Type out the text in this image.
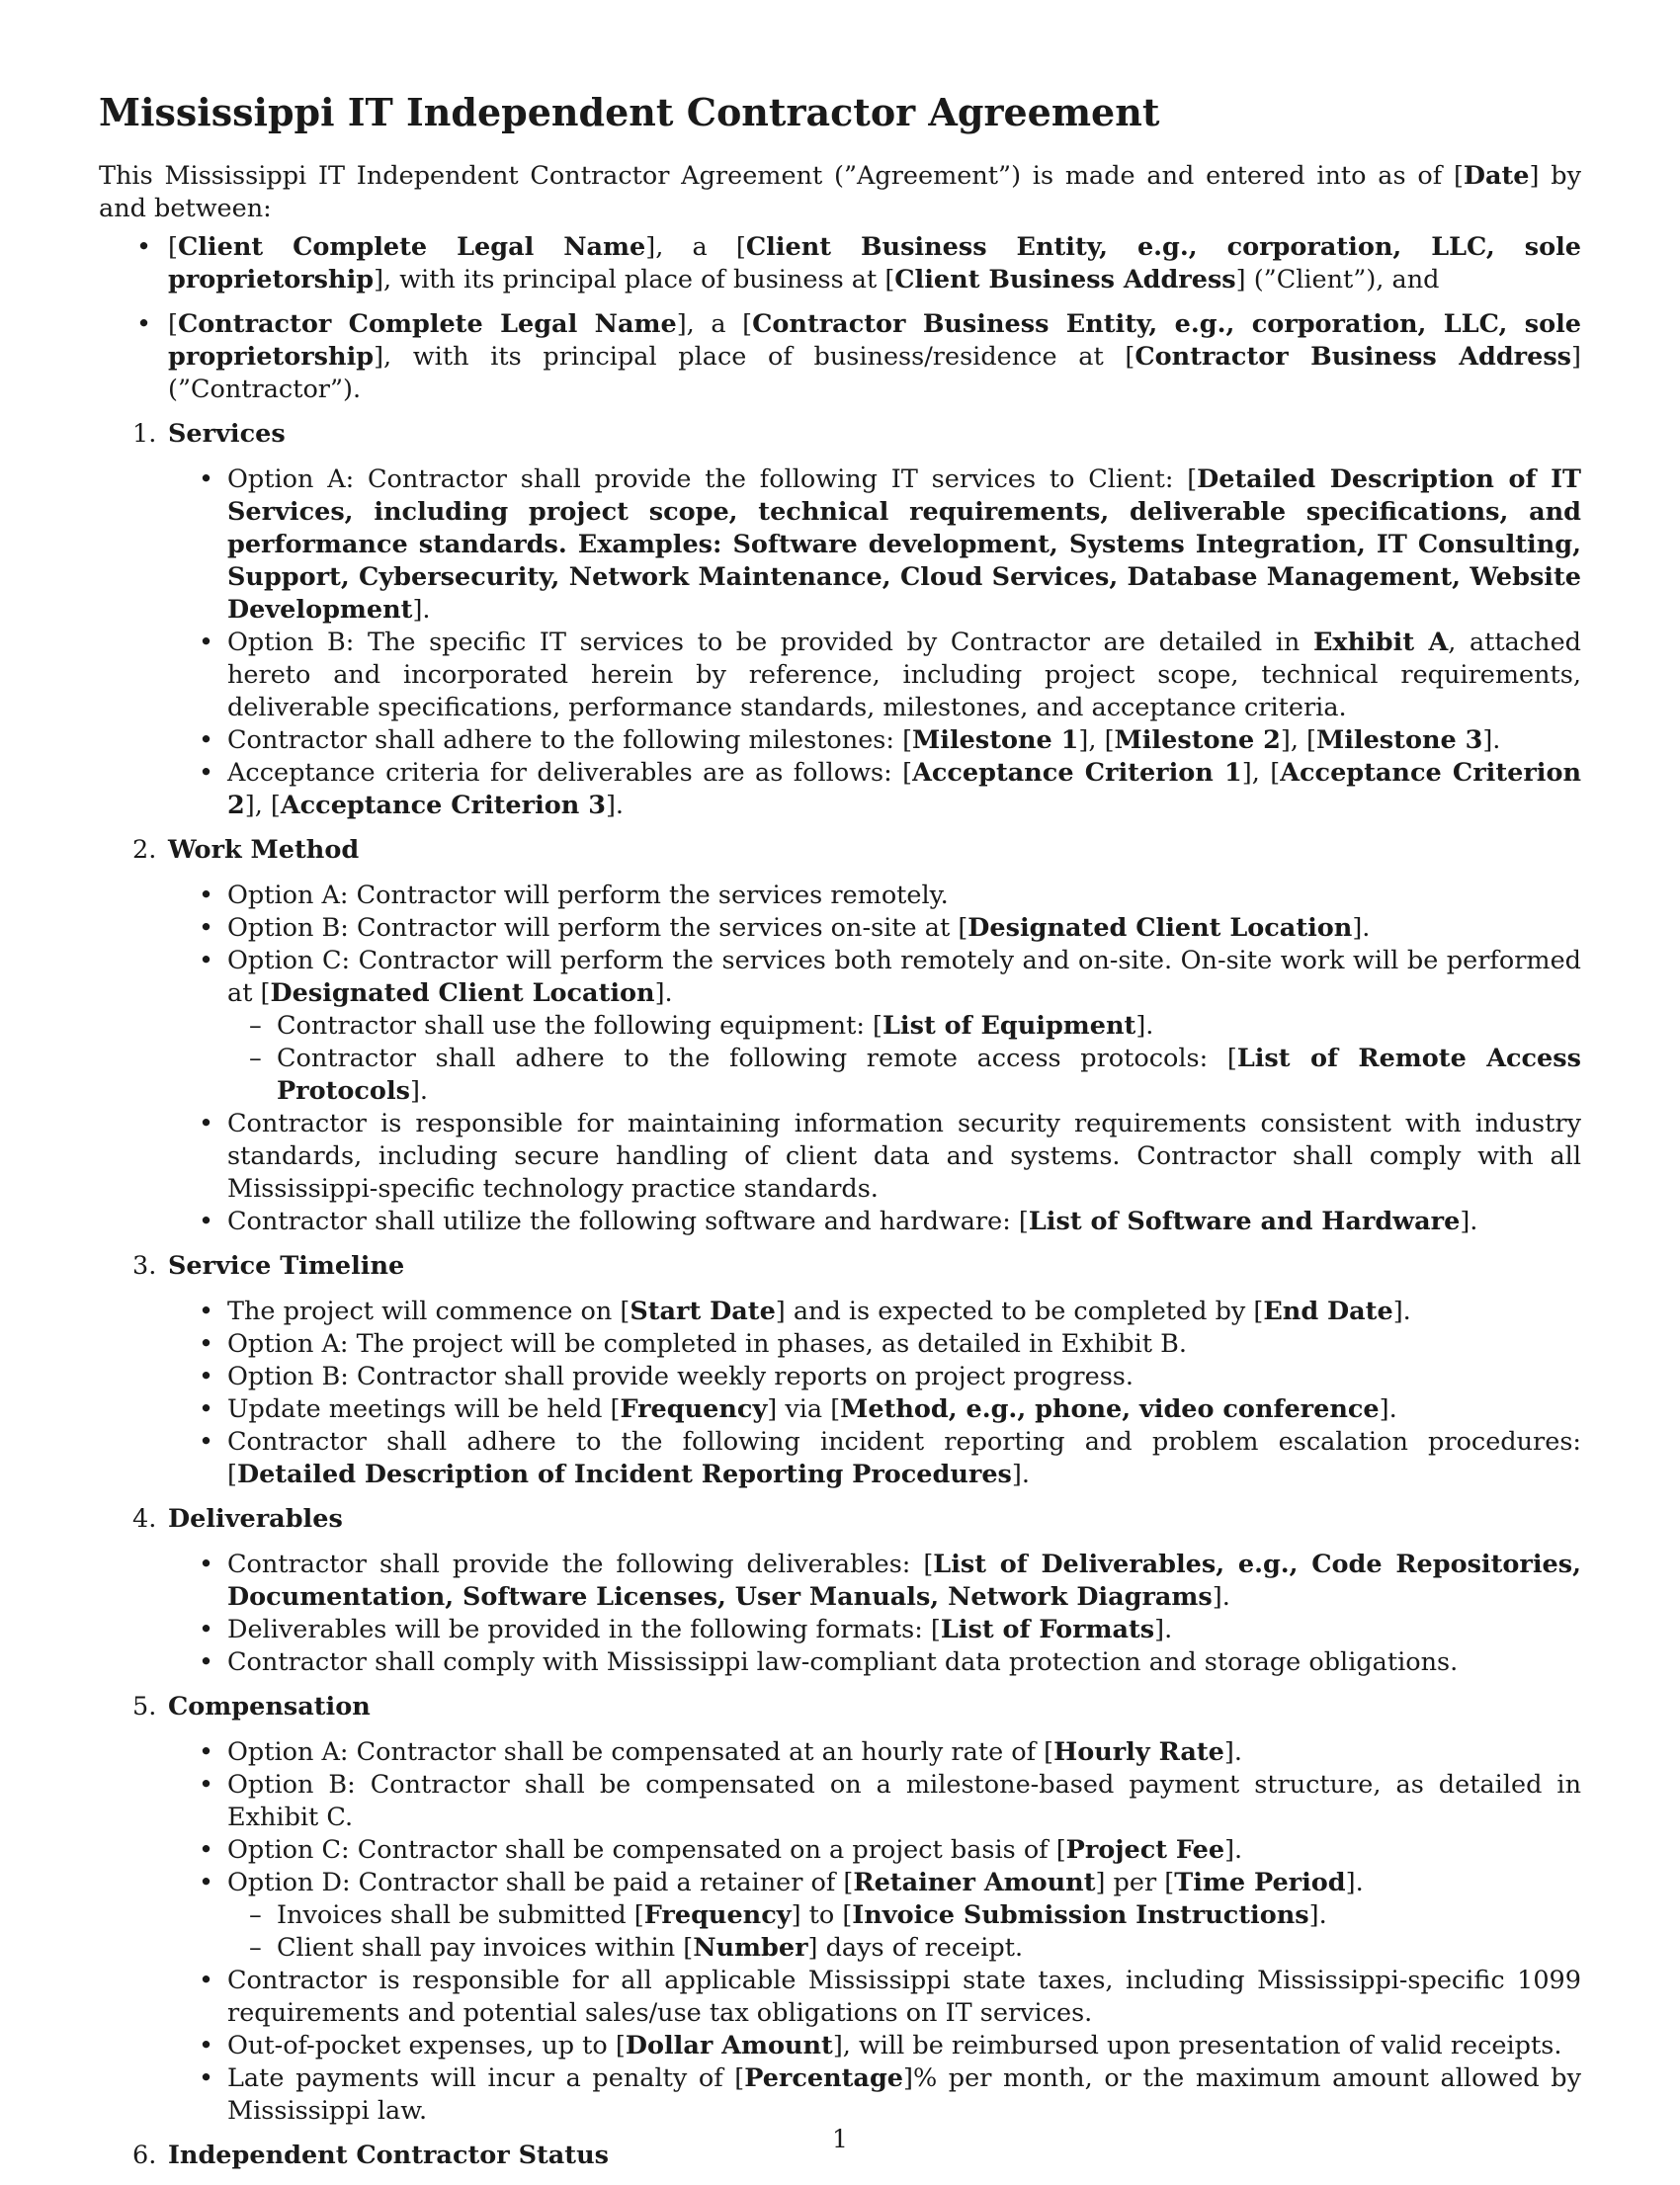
Mississippi IT Independent Contractor Agreement
This Mississippi IT Independent Contractor Agreement (”Agreement”) is made and entered into as of [Date] by and between:
• [Client Complete Legal Name], a [Client Business Entity, e.g., corporation, LLC, sole proprietorship], with its principal place of business at [Client Business Address] (”Client”), and
• [Contractor Complete Legal Name], a [Contractor Business Entity, e.g., corporation, LLC, sole proprietorship], with its principal place of business/residence at [Contractor Business Address] (”Contractor”).
1. Services
• Option A: Contractor shall provide the following IT services to Client: [Detailed Description of IT Services, including project scope, technical requirements, deliverable specifications, and performance standards. Examples: Software development, Systems Integration, IT Consulting, Support, Cybersecurity, Network Maintenance, Cloud Services, Database Management, Website Development].
• Option B: The specific IT services to be provided by Contractor are detailed in Exhibit A, attached hereto and incorporated herein by reference, including project scope, technical requirements, deliverable specifications, performance standards, milestones, and acceptance criteria.
• Contractor shall adhere to the following milestones: [Milestone 1], [Milestone 2], [Milestone 3].
• Acceptance criteria for deliverables are as follows: [Acceptance Criterion 1], [Acceptance Criterion 2], [Acceptance Criterion 3].
2. Work Method
• Option A: Contractor will perform the services remotely.
• Option B: Contractor will perform the services on-site at [Designated Client Location].
• Option C: Contractor will perform the services both remotely and on-site. On-site work will be performed at [Designated Client Location].
– Contractor shall use the following equipment: [List of Equipment].
– Contractor shall adhere to the following remote access protocols: [List of Remote Access Protocols].
• Contractor is responsible for maintaining information security requirements consistent with industry standards, including secure handling of client data and systems. Contractor shall comply with all Mississippi-specific technology practice standards.
• Contractor shall utilize the following software and hardware: [List of Software and Hardware].
3. Service Timeline
• The project will commence on [Start Date] and is expected to be completed by [End Date].
• Option A: The project will be completed in phases, as detailed in Exhibit B.
• Option B: Contractor shall provide weekly reports on project progress.
• Update meetings will be held [Frequency] via [Method, e.g., phone, video conference].
• Contractor shall adhere to the following incident reporting and problem escalation procedures: [Detailed Description of Incident Reporting Procedures].
4. Deliverables
• Contractor shall provide the following deliverables: [List of Deliverables, e.g., Code Repositories, Documentation, Software Licenses, User Manuals, Network Diagrams].
• Deliverables will be provided in the following formats: [List of Formats].
• Contractor shall comply with Mississippi law-compliant data protection and storage obligations.
5. Compensation
• Option A: Contractor shall be compensated at an hourly rate of [Hourly Rate].
• Option B: Contractor shall be compensated on a milestone-based payment structure, as detailed in Exhibit C.
• Option C: Contractor shall be compensated on a project basis of [Project Fee].
• Option D: Contractor shall be paid a retainer of [Retainer Amount] per [Time Period].
– Invoices shall be submitted [Frequency] to [Invoice Submission Instructions].
– Client shall pay invoices within [Number] days of receipt.
• Contractor is responsible for all applicable Mississippi state taxes, including Mississippi-specific 1099 requirements and potential sales/use tax obligations on IT services.
• Out-of-pocket expenses, up to [Dollar Amount], will be reimbursed upon presentation of valid receipts.
• Late payments will incur a penalty of [Percentage]% per month, or the maximum amount allowed by Mississippi law.
6. Independent Contractor Status
1
